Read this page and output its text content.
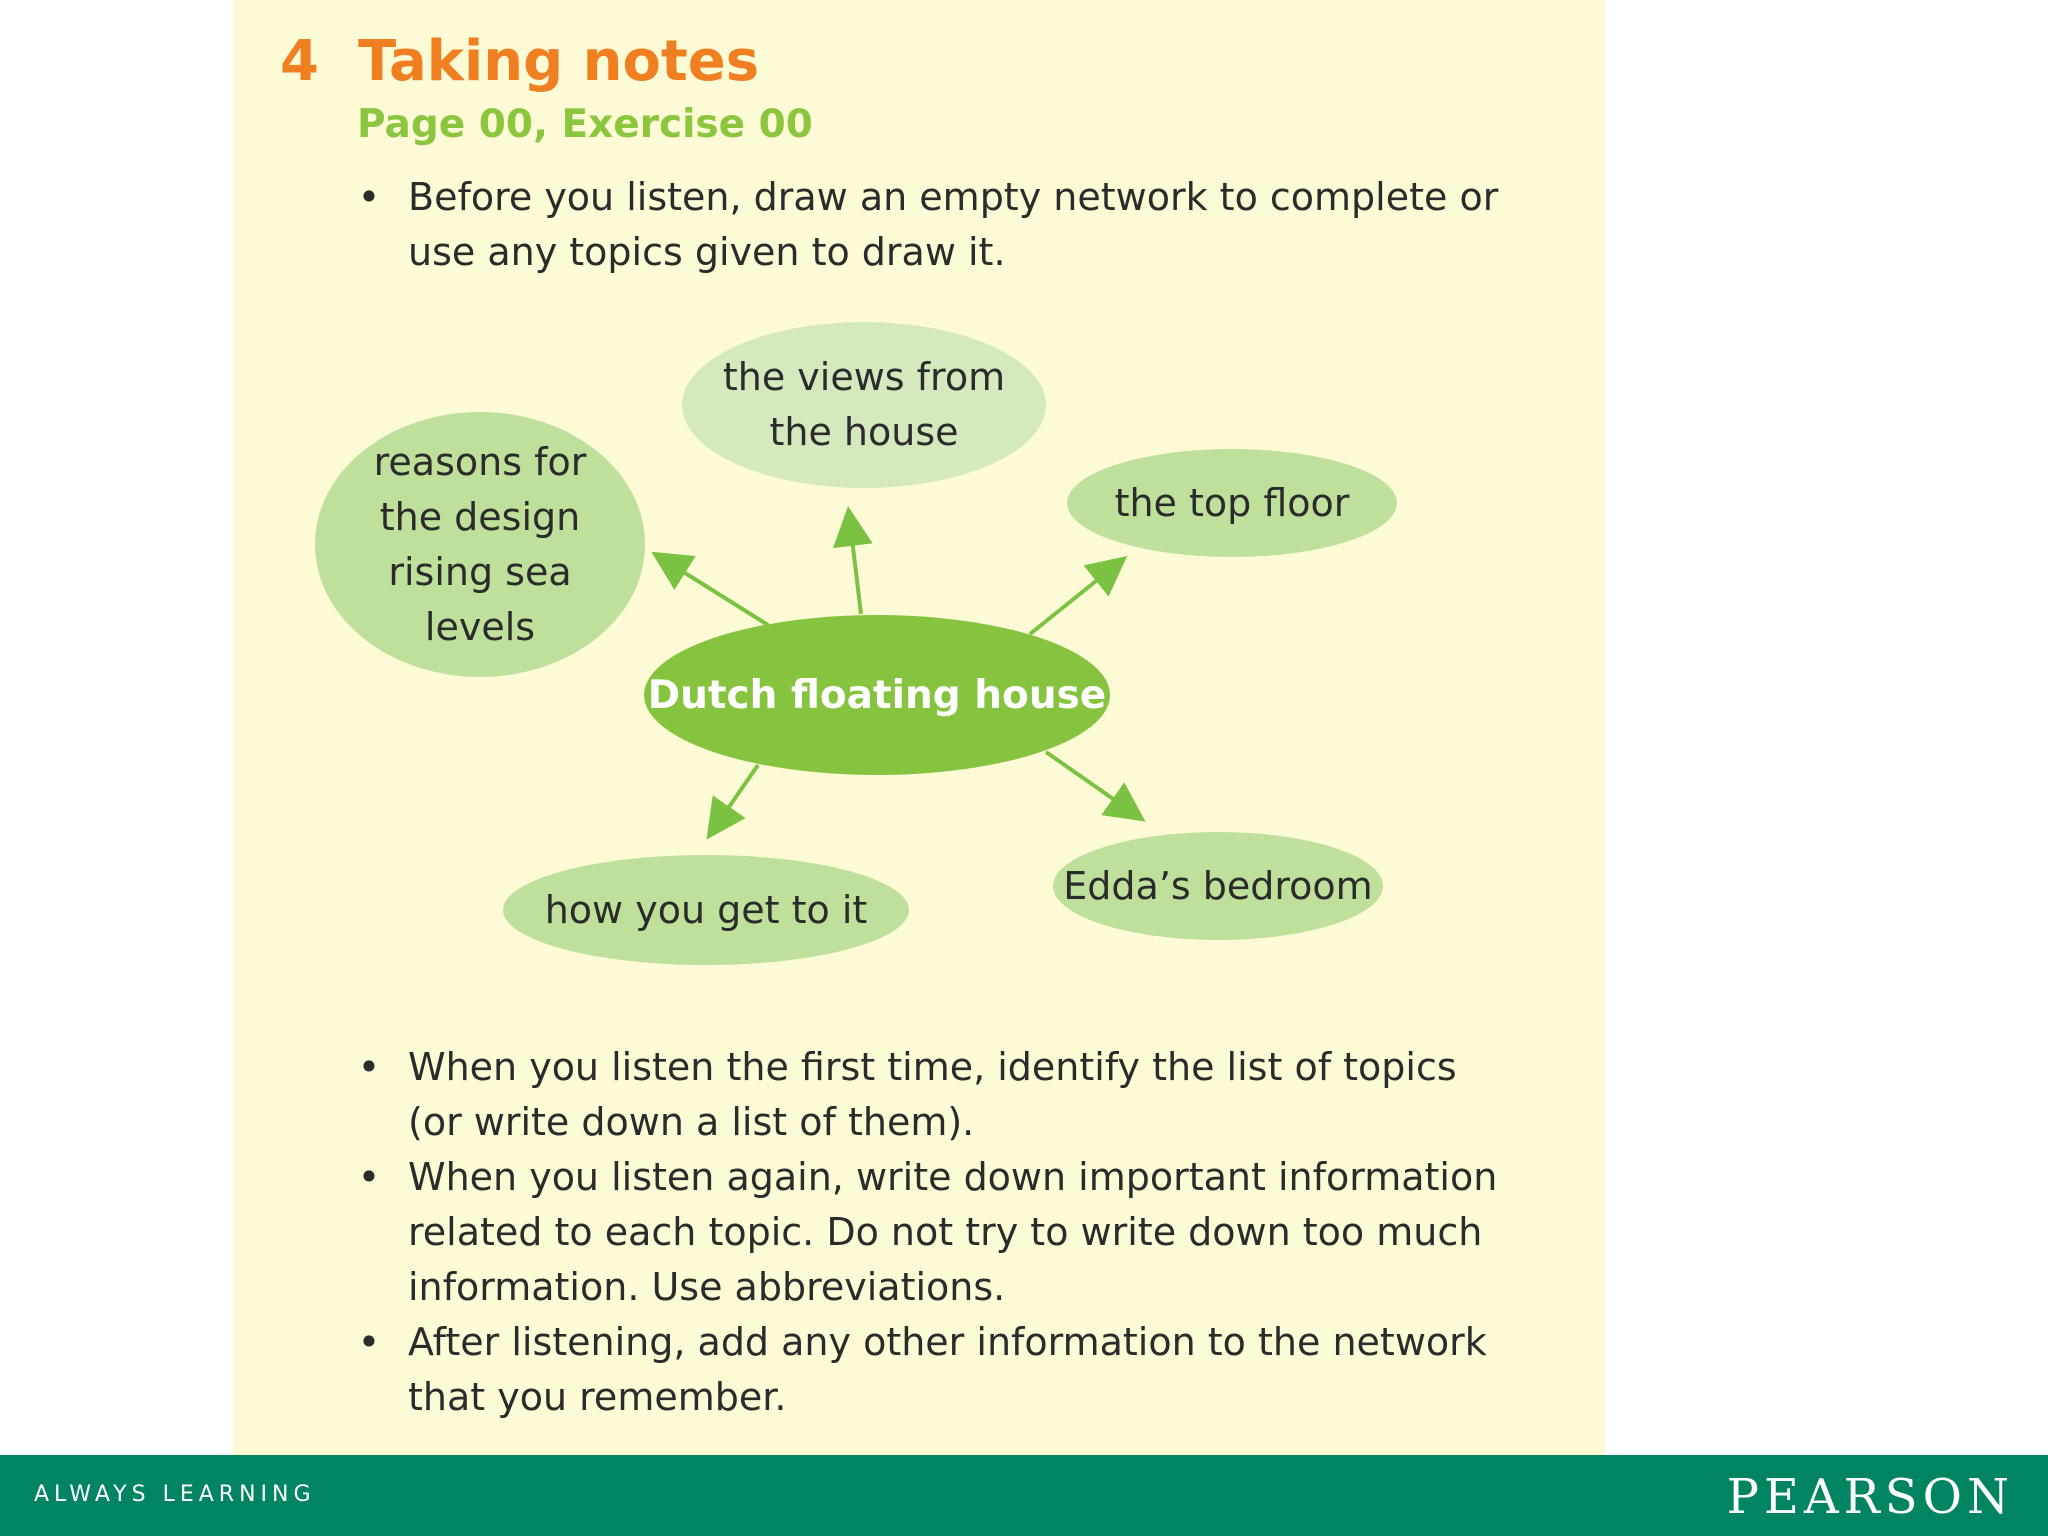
4 Taking notes
Page 00, Exercise 00
• Before you listen, draw an empty network to complete or use any topics given to draw it.
reasons for
the design
rising sea
levels
the views from
the house
the top floor
Dutch floating house
how you get to it
Edda’s bedroom
• When you listen the first time, identify the list of topics (or write down a list of them).
• When you listen again, write down important information related to each topic. Do not try to write down too much information. Use abbreviations.
• After listening, add any other information to the network that you remember.
ALWAYS LEARNING	PEARSON
